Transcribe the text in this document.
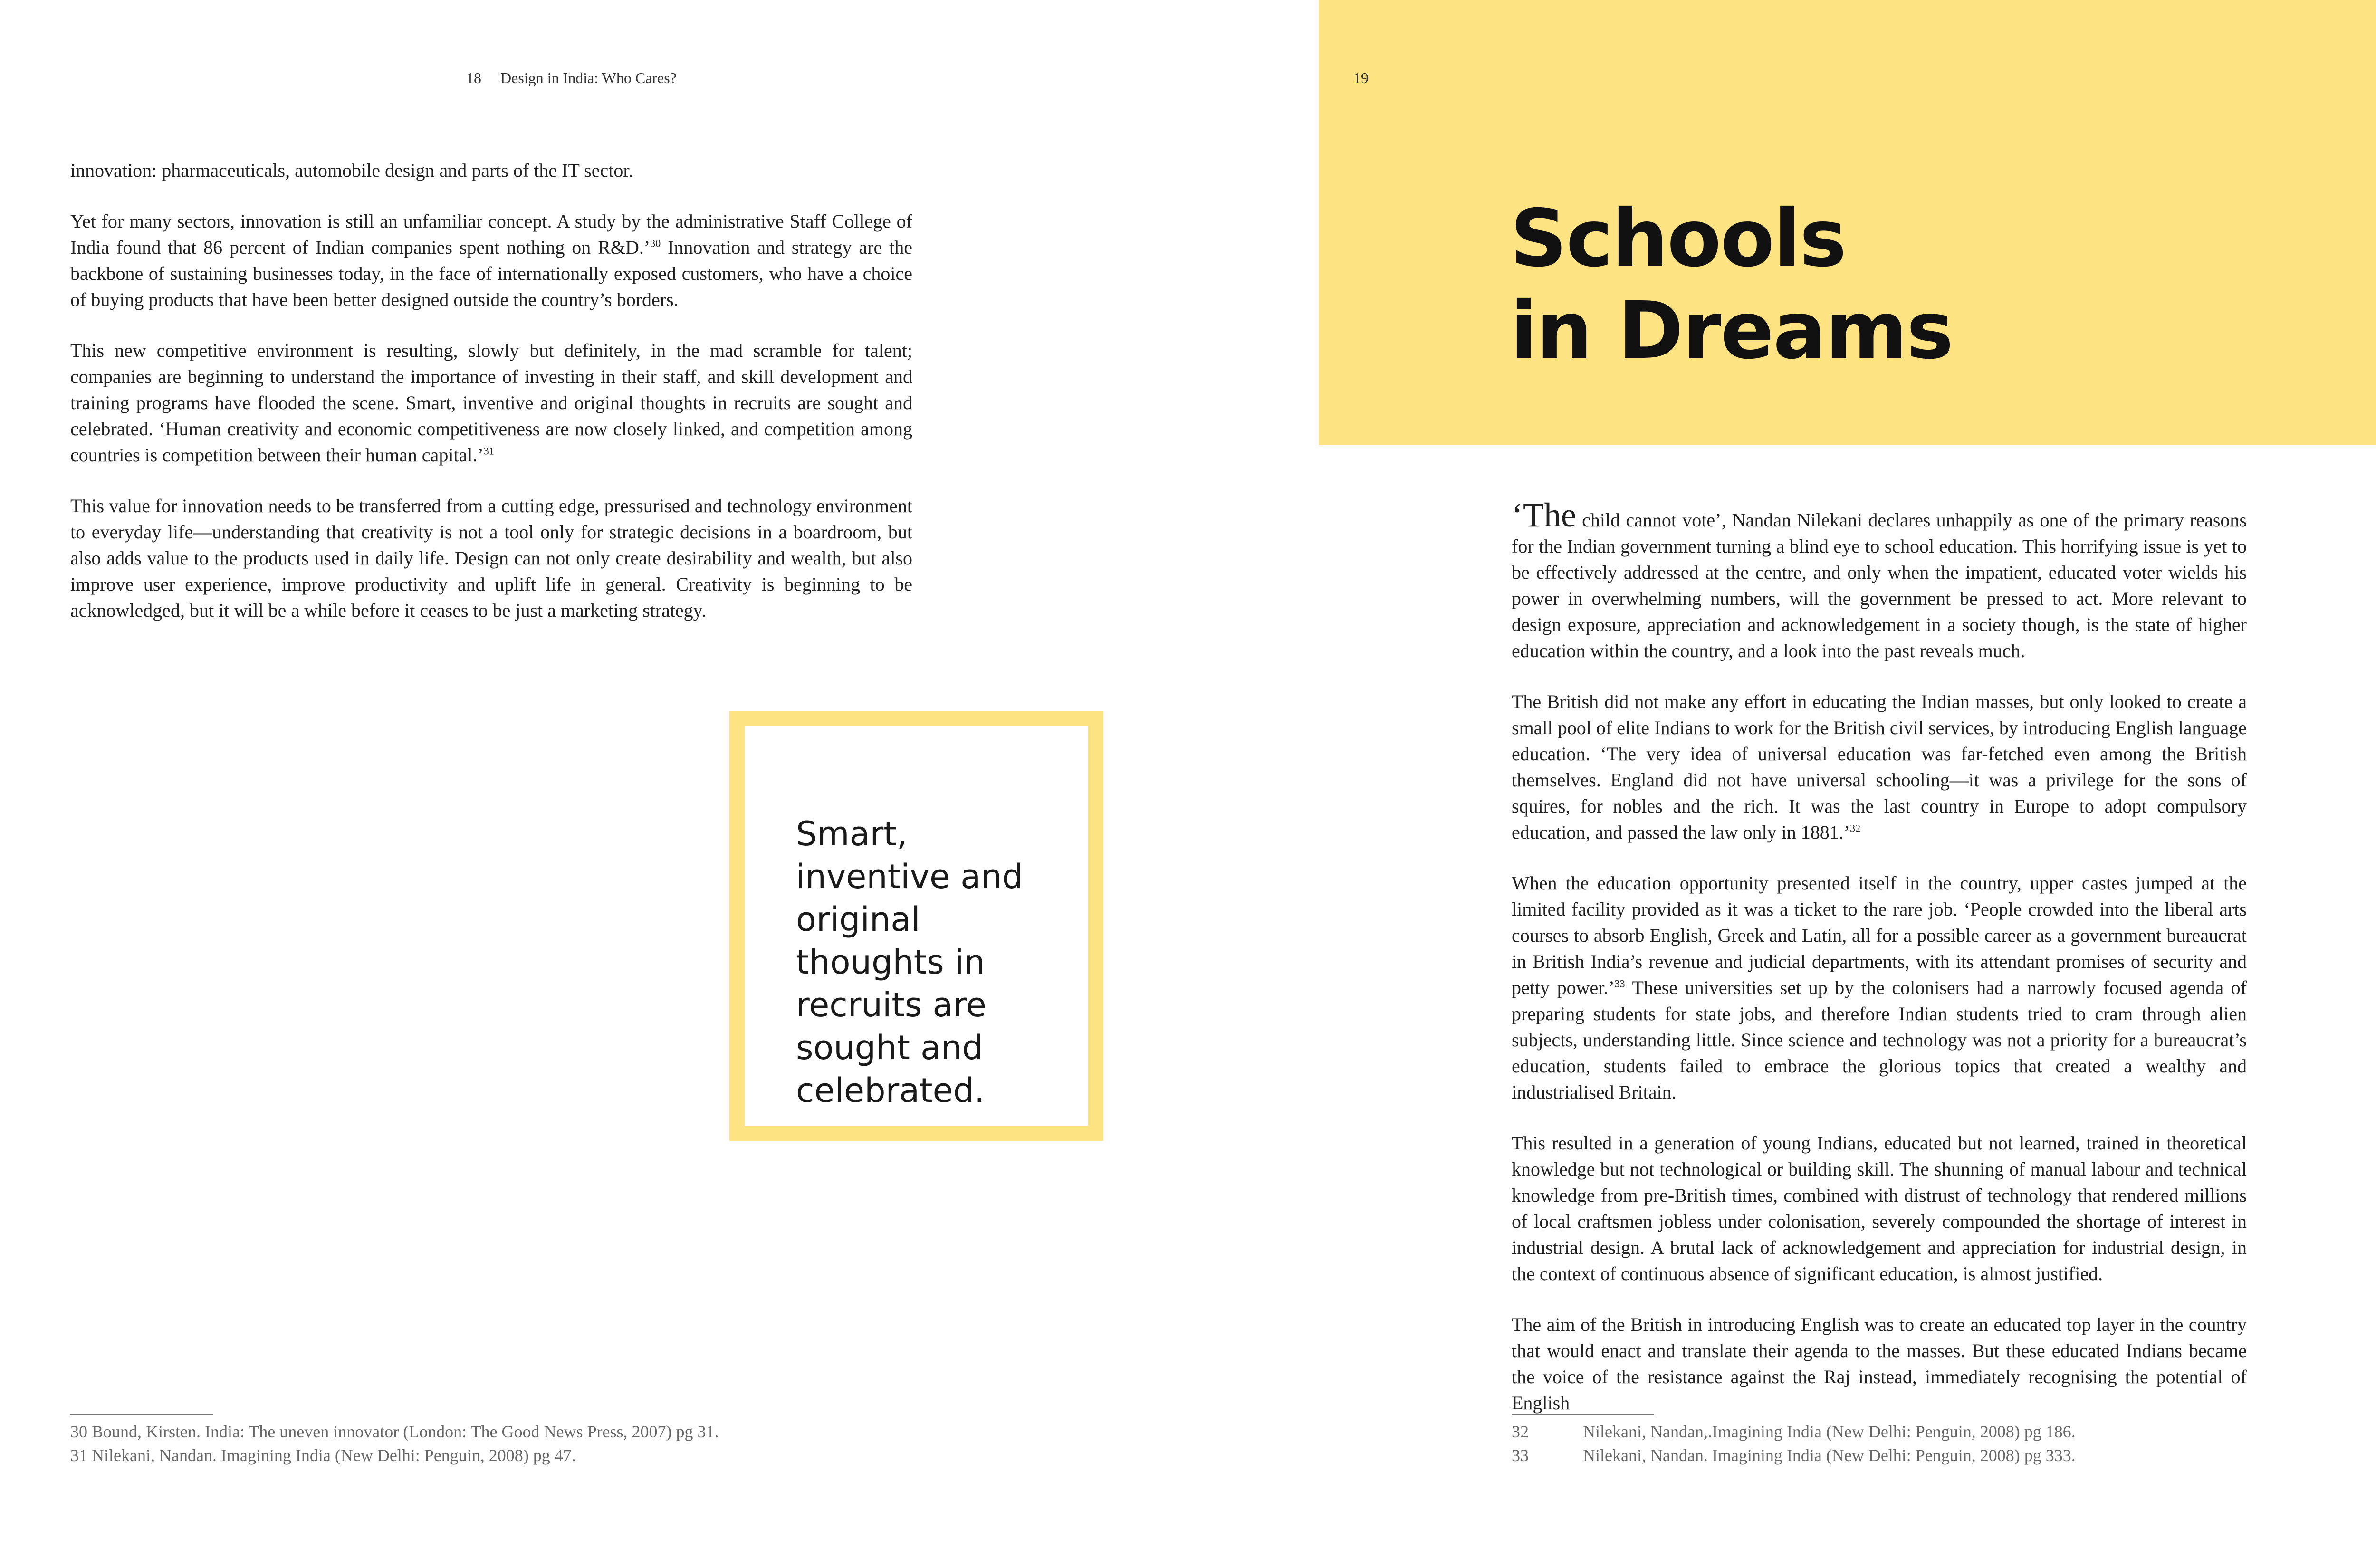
18 Design in India: Who Cares?

innovation: pharmaceuticals, automobile design and parts of the IT sector.

Yet for many sectors, innovation is still an unfamiliar concept. A study by the administrative Staff College of India found that 86 percent of Indian companies spent nothing on R&D.’$^{30}$ Innovation and strategy are the backbone of sustaining businesses today, in the face of internationally exposed customers, who have a choice of buying products that have been better designed outside the country’s borders.

This new competitive environment is resulting, slowly but definitely, in the mad scramble for talent; companies are beginning to understand the importance of investing in their staff, and skill development and training programs have flooded the scene. Smart, inventive and original thoughts in recruits are sought and celebrated. ‘Human creativity and economic competitiveness are now closely linked, and competition among countries is competition between their human capital.’$^{31}$

This value for innovation needs to be transferred from a cutting edge, pressurised and technology environment to everyday life—understanding that creativity is not a tool only for strategic decisions in a boardroom, but also adds value to the products used in daily life. Design can not only create desirability and wealth, but also improve user experience, improve productivity and uplift life in general. Creativity is beginning to be acknowledged, but it will be a while before it ceases to be just a marketing strategy.

Smart, inventive and original thoughts in recruits are sought and celebrated.
30 Bound, Kirsten. India: The uneven innovator (London: The Good News Press, 2007) pg 31.
31 Nilekani, Nandan. Imagining India (New Delhi: Penguin, 2008) pg 47.
19
Schools
in Dreams

‘The child cannot vote’, Nandan Nilekani declares unhappily as one of the primary reasons for the Indian government turning a blind eye to school education. This horrifying issue is yet to be effectively addressed at the centre, and only when the impatient, educated voter wields his power in overwhelming numbers, will the government be pressed to act. More relevant to design exposure, appreciation and acknowledgement in a society though, is the state of higher education within the country, and a look into the past reveals much.

The British did not make any effort in educating the Indian masses, but only looked to create a small pool of elite Indians to work for the British civil services, by introducing English language education. ‘The very idea of universal education was far-fetched even among the British themselves. England did not have universal schooling—it was a privilege for the sons of squires, for nobles and the rich. It was the last country in Europe to adopt compulsory education, and passed the law only in 1881.’$^{32}$

When the education opportunity presented itself in the country, upper castes jumped at the limited facility provided as it was a ticket to the rare job. ‘People crowded into the liberal arts courses to absorb English, Greek and Latin, all for a possible career as a government bureaucrat in British India’s revenue and judicial departments, with its attendant promises of security and petty power.’$^{33}$ These universities set up by the colonisers had a narrowly focused agenda of preparing students for state jobs, and therefore Indian students tried to cram through alien subjects, understanding little. Since science and technology was not a priority for a bureaucrat’s education, students failed to embrace the glorious topics that created a wealthy and industrialised Britain.

This resulted in a generation of young Indians, educated but not learned, trained in theoretical knowledge but not technological or building skill. The shunning of manual labour and technical knowledge from pre-British times, combined with distrust of technology that rendered millions of local craftsmen jobless under colonisation, severely compounded the shortage of interest in industrial design. A brutal lack of acknowledgement and appreciation for industrial design, in the context of continuous absence of significant education, is almost justified.

The aim of the British in introducing English was to create an educated top layer in the country that would enact and translate their agenda to the masses. But these educated Indians became the voice of the resistance against the Raj instead, immediately recognising the potential of English

32	Nilekani, Nandan,.Imagining India (New Delhi: Penguin, 2008) pg 186.
33	Nilekani, Nandan. Imagining India (New Delhi: Penguin, 2008) pg 333.
